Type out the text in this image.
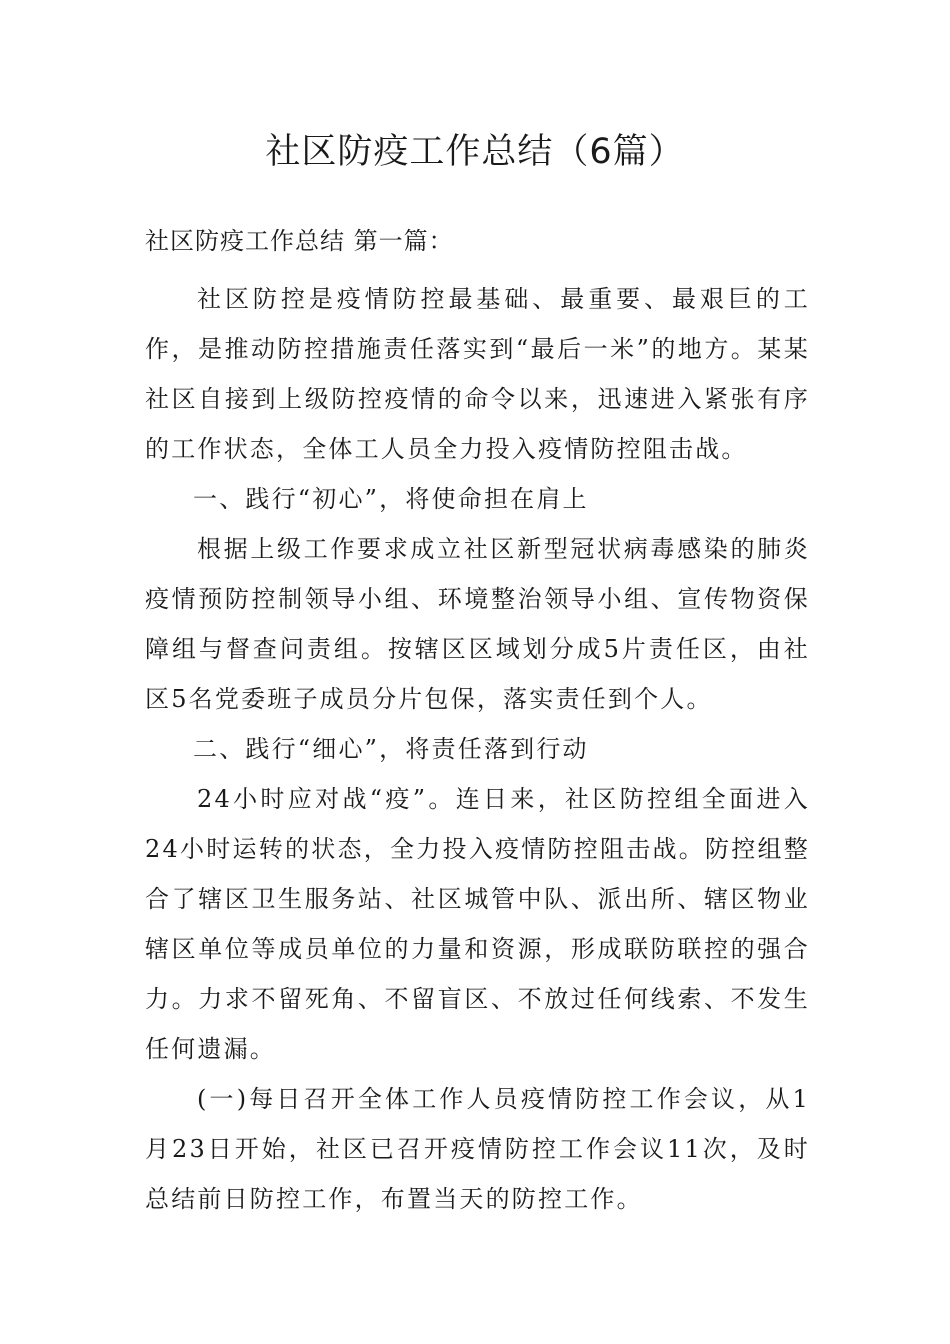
社区防疫工作总结（6篇）

社区防疫工作总结 第一篇：

社区防控是疫情防控最基础、最重要、最艰巨的工作，是推动防控措施责任落实到“最后一米”的地方。某某社区自接到上级防控疫情的命令以来，迅速进入紧张有序的工作状态，全体工人员全力投入疫情防控阻击战。

一、践行“初心”，将使命担在肩上

根据上级工作要求成立社区新型冠状病毒感染的肺炎疫情预防控制领导小组、环境整治领导小组、宣传物资保障组与督查问责组。按辖区区域划分成5片责任区，由社区5名党委班子成员分片包保，落实责任到个人。

二、践行“细心”，将责任落到行动

24小时应对战“疫”。连日来，社区防控组全面进入24小时运转的状态，全力投入疫情防控阻击战。防控组整合了辖区卫生服务站、社区城管中队、派出所、辖区物业辖区单位等成员单位的力量和资源，形成联防联控的强合力。力求不留死角、不留盲区、不放过任何线索、不发生任何遗漏。

(一)每日召开全体工作人员疫情防控工作会议，从1月23日开始，社区已召开疫情防控工作会议11次，及时总结前日防控工作，布置当天的防控工作。
